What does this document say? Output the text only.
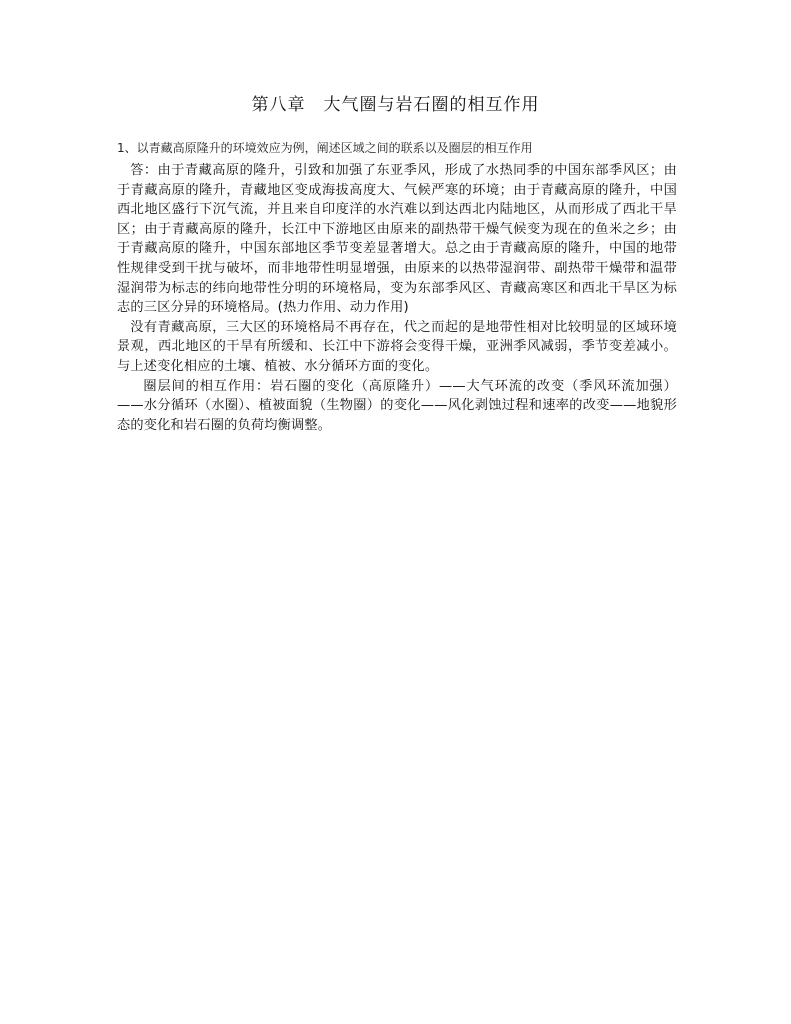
第八章　大气圈与岩石圈的相互作用
1、以青藏高原隆升的环境效应为例，阐述区域之间的联系以及圈层的相互作用

答：由于青藏高原的隆升，引致和加强了东亚季风，形成了水热同季的中国东部季风区；由于青藏高原的隆升，青藏地区变成海拔高度大、气候严寒的环境；由于青藏高原的隆升，中国西北地区盛行下沉气流，并且来自印度洋的水汽难以到达西北内陆地区，从而形成了西北干旱区；由于青藏高原的隆升，长江中下游地区由原来的副热带干燥气候变为现在的鱼米之乡；由于青藏高原的隆升，中国东部地区季节变差显著增大。总之由于青藏高原的隆升，中国的地带性规律受到干扰与破坏，而非地带性明显增强，由原来的以热带湿润带、副热带干燥带和温带湿润带为标志的纬向地带性分明的环境格局，变为东部季风区、青藏高寒区和西北干旱区为标志的三区分异的环境格局。(热力作用、动力作用)

没有青藏高原，三大区的环境格局不再存在，代之而起的是地带性相对比较明显的区域环境景观，西北地区的干旱有所缓和、长江中下游将会变得干燥，亚洲季风减弱，季节变差减小。与上述变化相应的土壤、植被、水分循环方面的变化。

圈层间的相互作用：岩石圈的变化（高原隆升）——大气环流的改变（季风环流加强）——水分循环（水圈）、植被面貌（生物圈）的变化——风化剥蚀过程和速率的改变——地貌形态的变化和岩石圈的负荷均衡调整。
